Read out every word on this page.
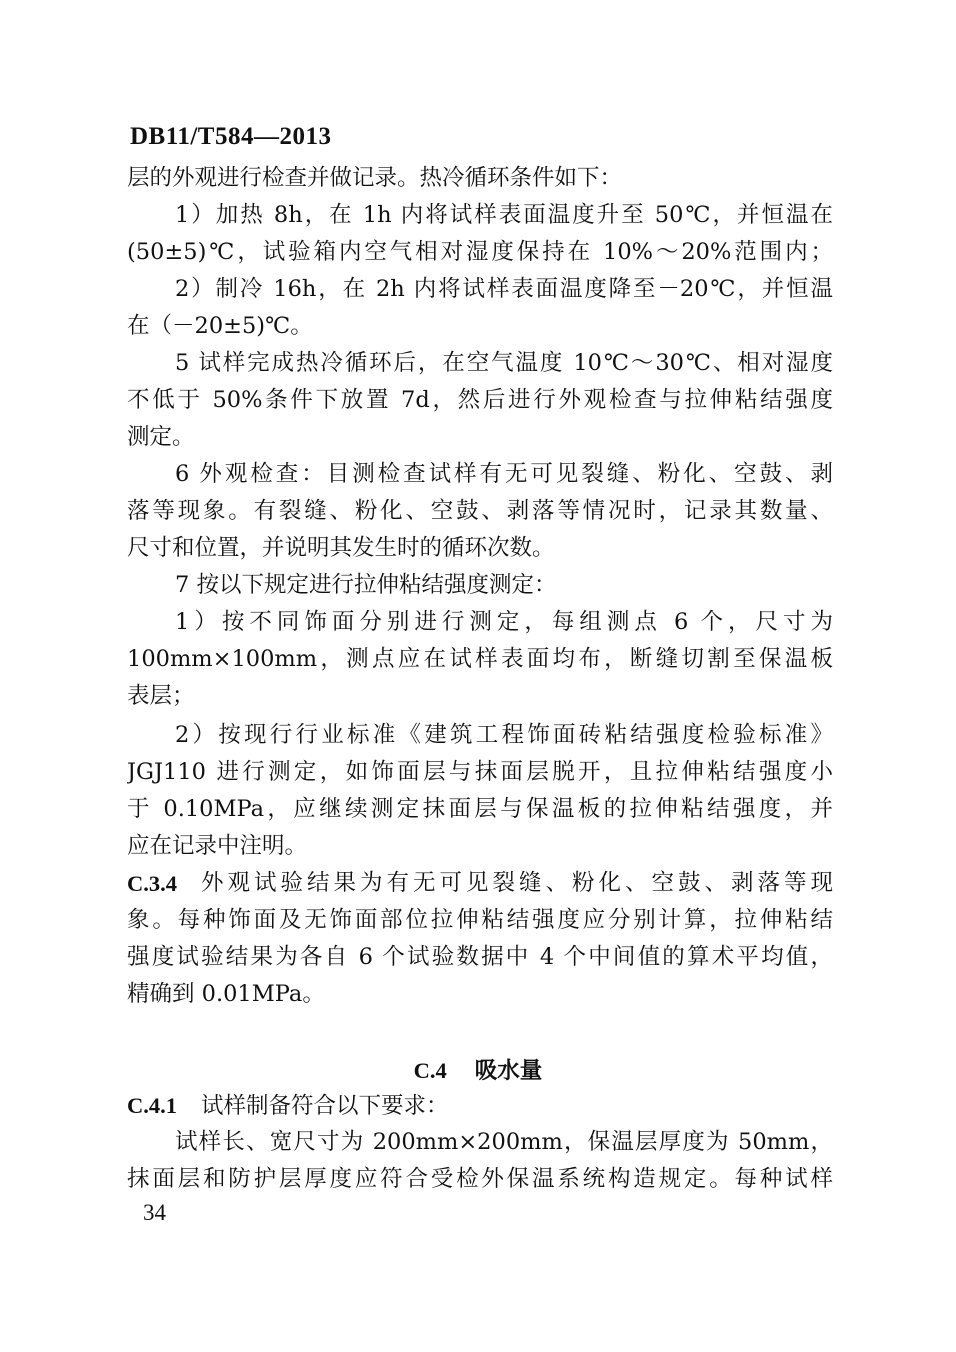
DB11/T584—2013
层的外观进行检查并做记录。热冷循环条件如下：
1）加热 8h，在 1h 内将试样表面温度升至 50℃，并恒温在
(50±5)℃，试验箱内空气相对湿度保持在 10%～20%范围内；
2）制冷 16h，在 2h 内将试样表面温度降至－20℃，并恒温
在（－20±5)℃。
5 试样完成热冷循环后，在空气温度 10℃～30℃、相对湿度
不低于 50%条件下放置 7d，然后进行外观检查与拉伸粘结强度
测定。
6 外观检查：目测检查试样有无可见裂缝、粉化、空鼓、剥
落等现象。有裂缝、粉化、空鼓、剥落等情况时，记录其数量、
尺寸和位置，并说明其发生时的循环次数。
7 按以下规定进行拉伸粘结强度测定：
1）按不同饰面分别进行测定，每组测点 6 个，尺寸为
100mm×100mm，测点应在试样表面均布，断缝切割至保温板
表层；
2）按现行行业标准《建筑工程饰面砖粘结强度检验标准》
JGJ110 进行测定，如饰面层与抹面层脱开，且拉伸粘结强度小
于 0.10MPa，应继续测定抹面层与保温板的拉伸粘结强度，并
应在记录中注明。
C.3.4 外观试验结果为有无可见裂缝、粉化、空鼓、剥落等现
象。每种饰面及无饰面部位拉伸粘结强度应分别计算，拉伸粘结
强度试验结果为各自 6 个试验数据中 4 个中间值的算术平均值，
精确到 0.01MPa。
C.4 吸水量
C.4.1 试样制备符合以下要求：
试样长、宽尺寸为 200mm×200mm，保温层厚度为 50mm，
抹面层和防护层厚度应符合受检外保温系统构造规定。每种试样
34
